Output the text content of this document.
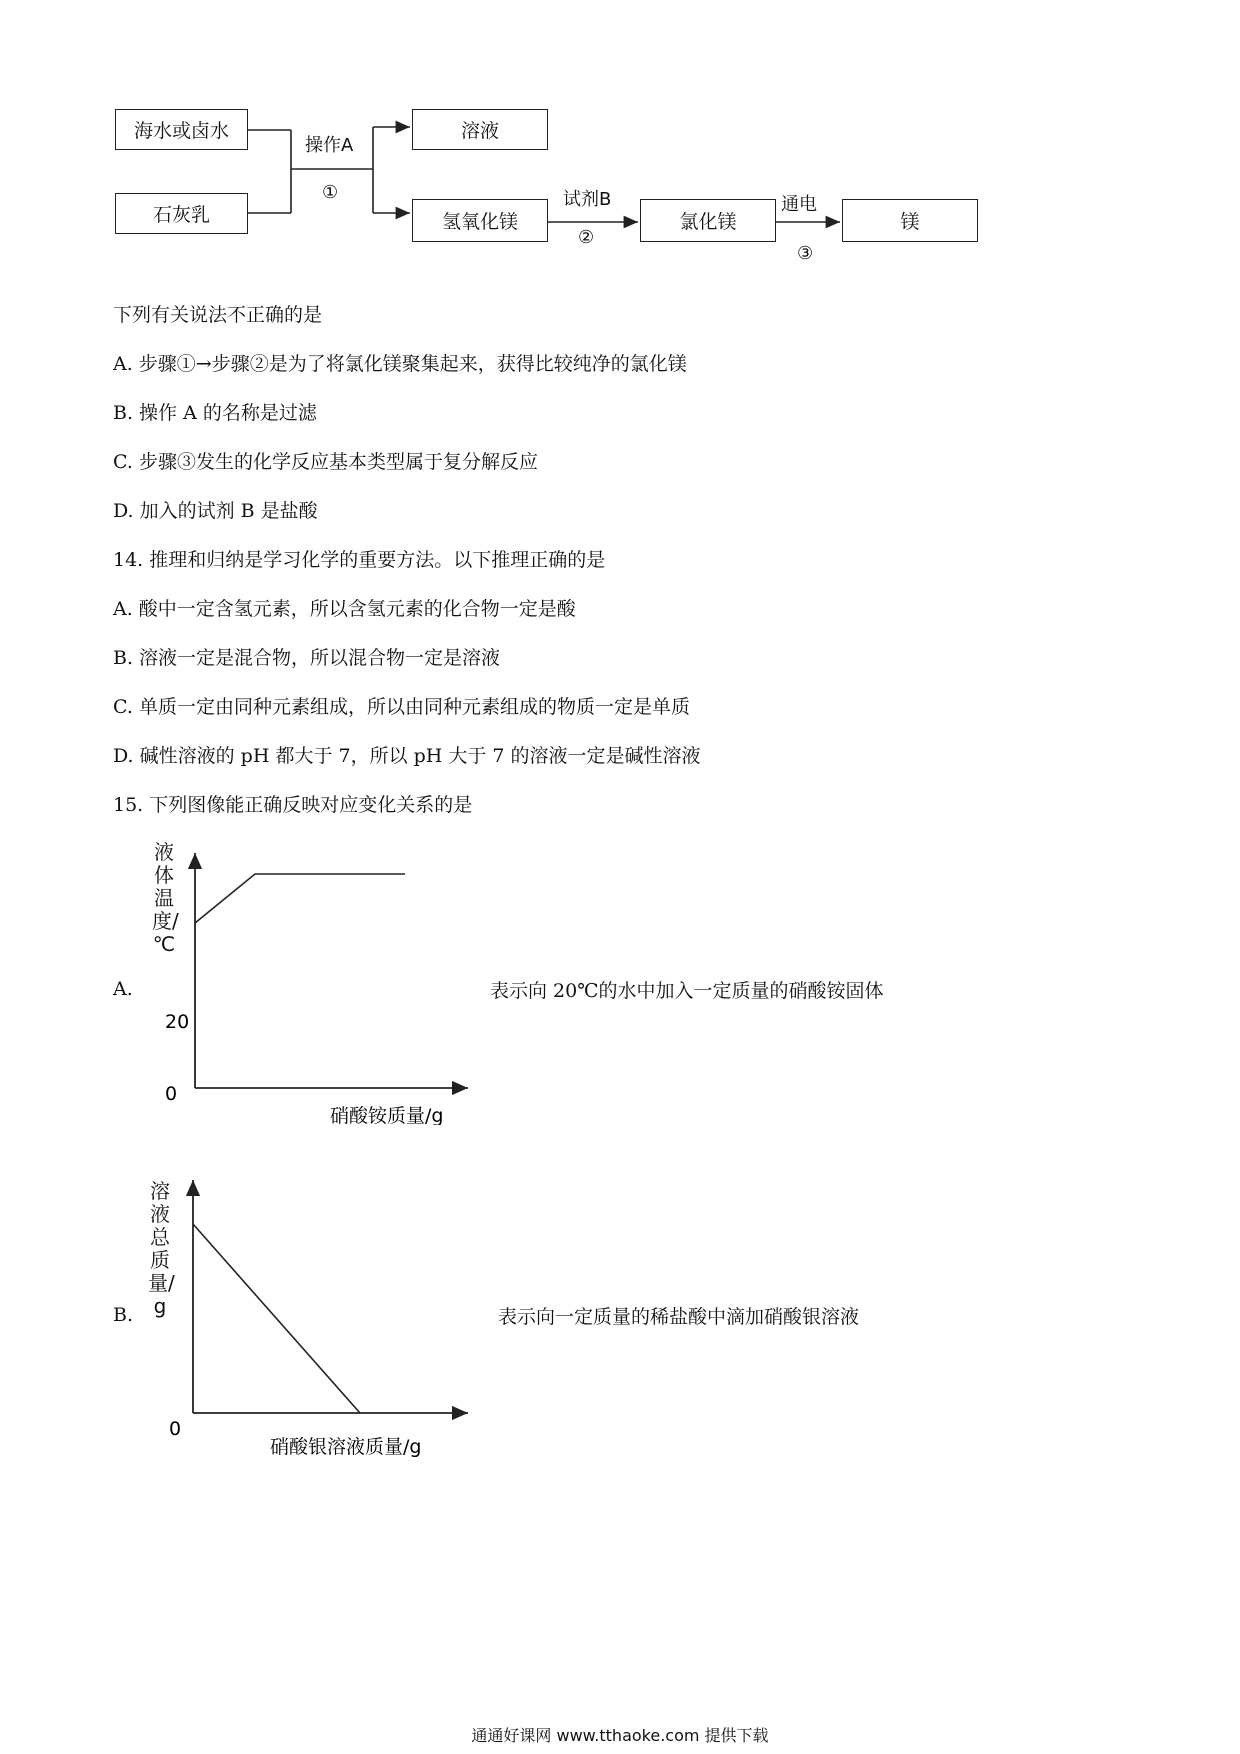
海水或卤水
石灰乳
溶液
氢氧化镁	氯化镁	镁
操作A
①	试剂B
②
通电
③
下列有关说法不正确的是
A. 步骤①→步骤②是为了将氯化镁聚集起来，获得比较纯净的氯化镁
B. 操作 A 的名称是过滤
C. 步骤③发生的化学反应基本类型属于复分解反应
D. 加入的试剂 B 是盐酸
14. 推理和归纳是学习化学的重要方法。以下推理正确的是
A. 酸中一定含氢元素，所以含氢元素的化合物一定是酸
B. 溶液一定是混合物，所以混合物一定是溶液
C. 单质一定由同种元素组成，所以由同种元素组成的物质一定是单质
D. 碱性溶液的 pH 都大于 7，所以 pH 大于 7 的溶液一定是碱性溶液
15. 下列图像能正确反映对应变化关系的是
A.
液体温度/℃
0
20
硝酸铵质量/g
表示向 20℃的水中加入一定质量的硝酸铵固体
B.
溶液总质量/g
0
硝酸银溶液质量/g
表示向一定质量的稀盐酸中滴加硝酸银溶液
通通好课网 www.tthaoke.com 提供下载
